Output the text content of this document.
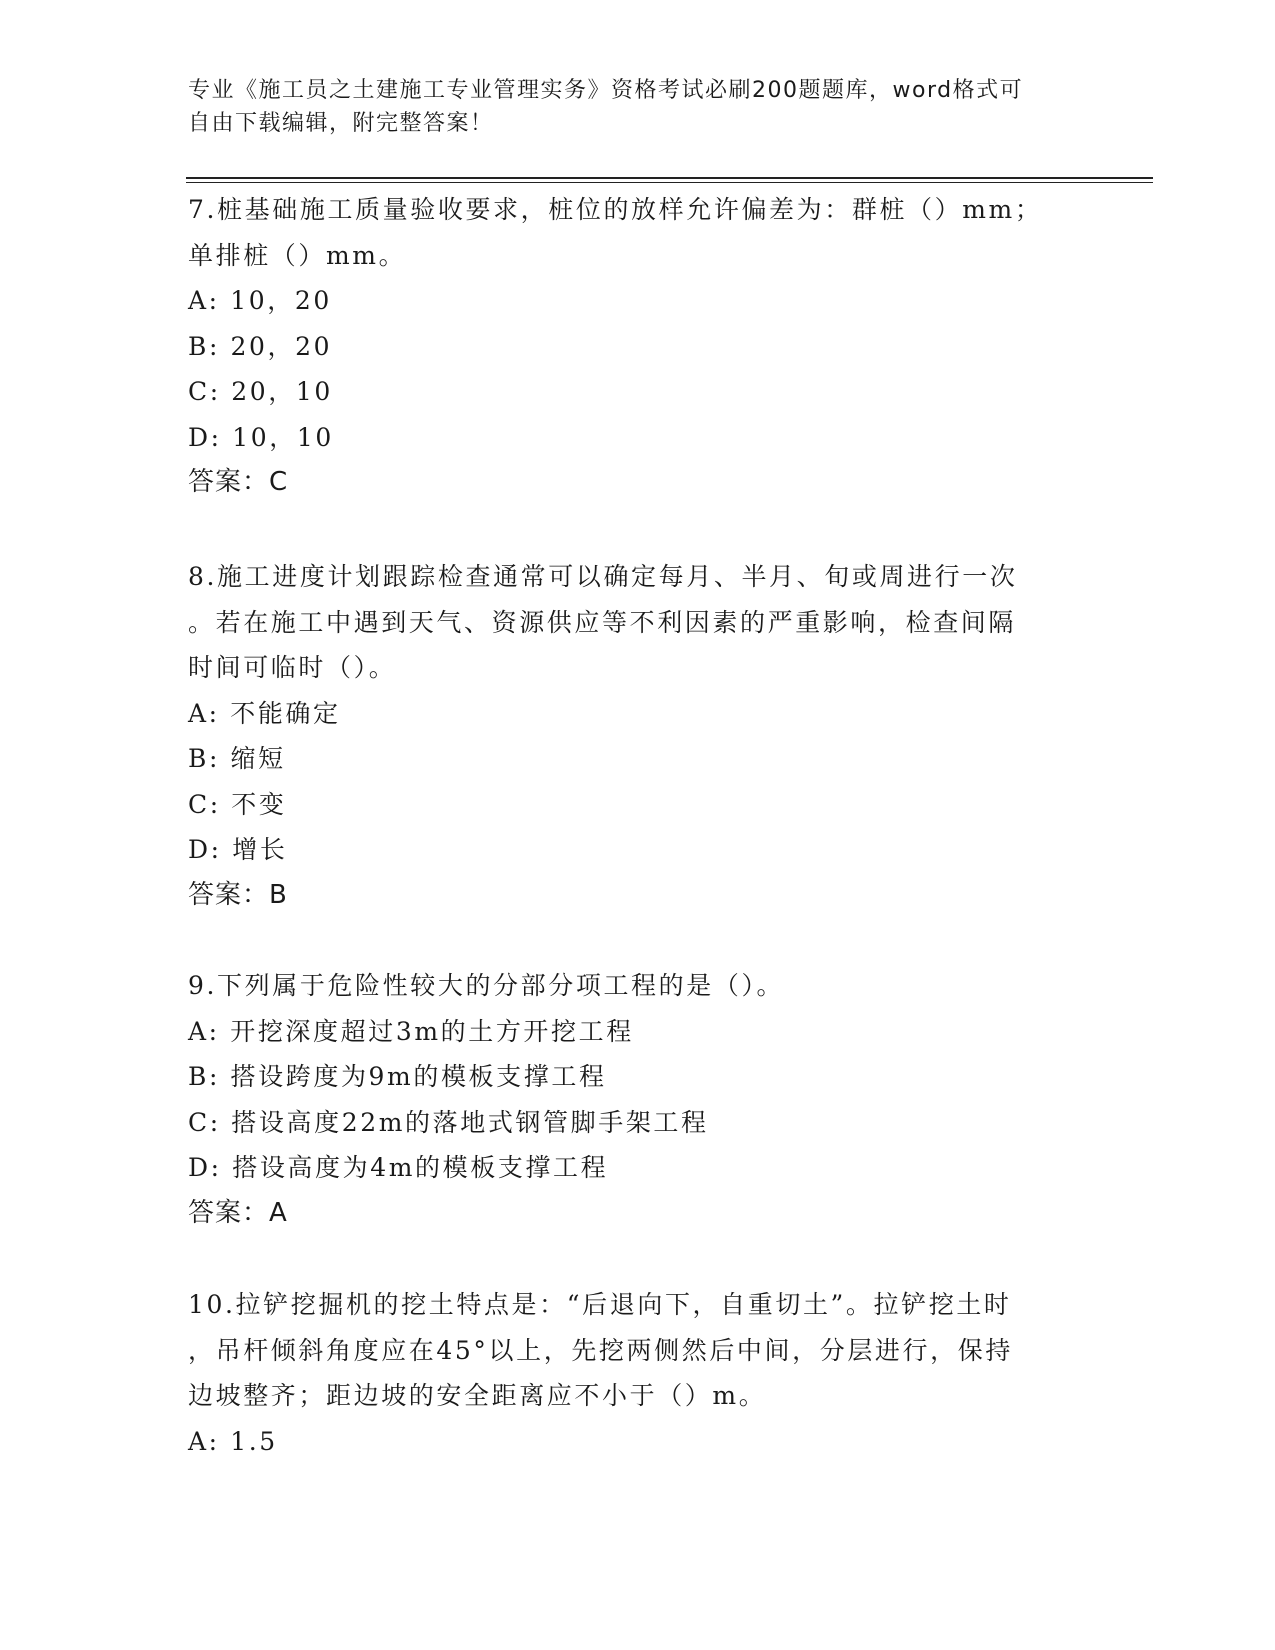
专业《施工员之土建施工专业管理实务》资格考试必刷200题题库，word格式可
自由下载编辑，附完整答案！

7.桩基础施工质量验收要求，桩位的放样允许偏差为：群桩（）mm；

单排桩（）mm。

A: 10，20

B: 20，20

C: 20，10

D: 10，10

答案：C

8.施工进度计划跟踪检查通常可以确定每月、半月、旬或周进行一次

。若在施工中遇到天气、资源供应等不利因素的严重影响，检查间隔

时间可临时（）。

A: 不能确定

B: 缩短

C: 不变

D: 增长

答案：B

9.下列属于危险性较大的分部分项工程的是（）。

A: 开挖深度超过3m的土方开挖工程

B: 搭设跨度为9m的模板支撑工程

C: 搭设高度22m的落地式钢管脚手架工程

D: 搭设高度为4m的模板支撑工程

答案：A

10.拉铲挖掘机的挖土特点是：“后退向下，自重切土”。拉铲挖土时

，吊杆倾斜角度应在45°以上，先挖两侧然后中间，分层进行，保持

边坡整齐；距边坡的安全距离应不小于（）m。

A: 1.5
